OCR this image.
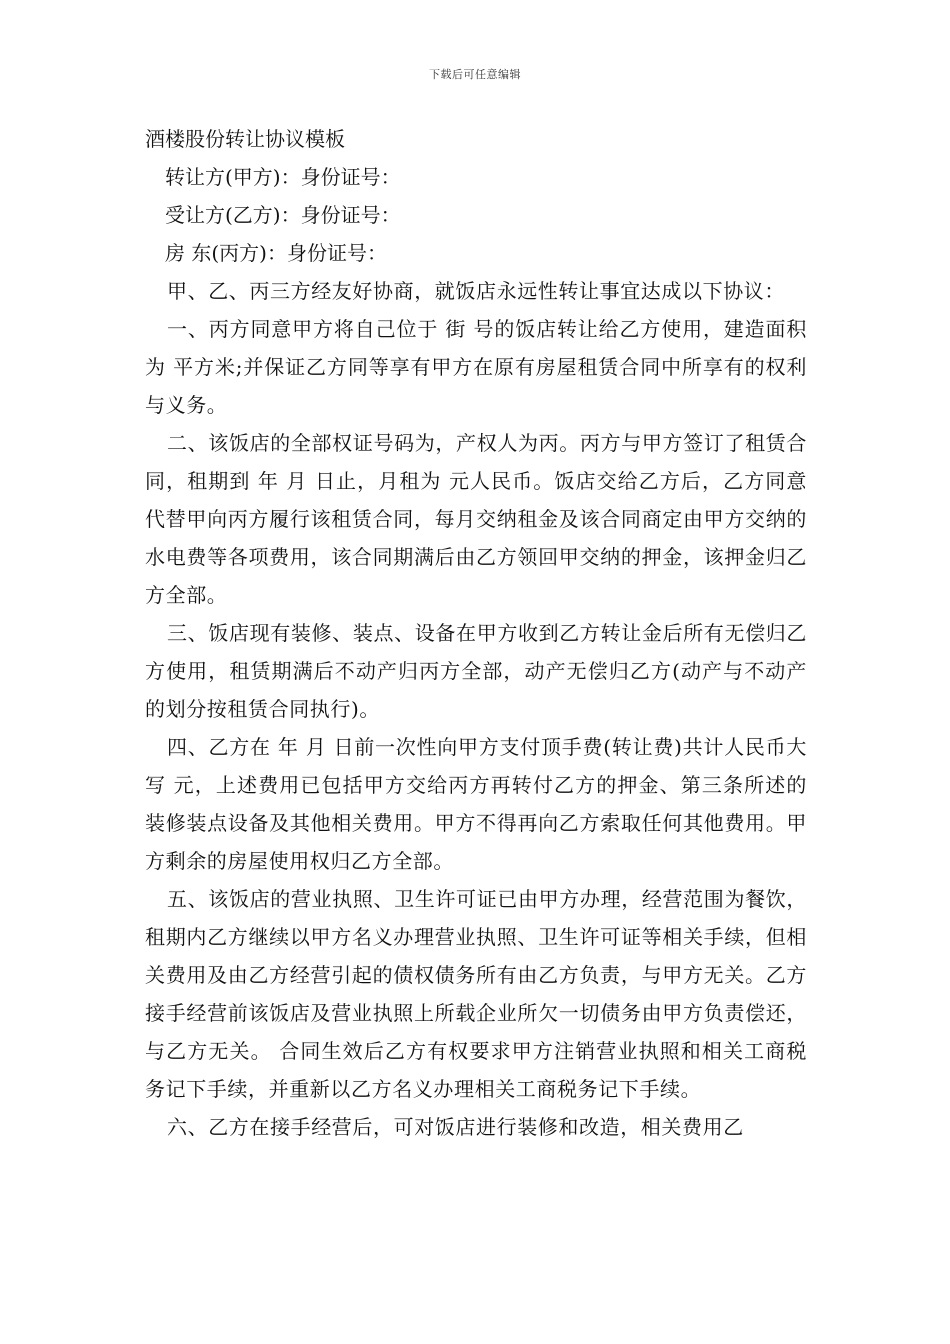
下载后可任意编辑
酒楼股份转让协议模板

转让方(甲方)：身份证号：

受让方(乙方)：身份证号：

房 东(丙方)：身份证号：

甲、乙、丙三方经友好协商，就饭店永远性转让事宜达成以下协议：

一、丙方同意甲方将自己位于 街 号的饭店转让给乙方使用，建造面积为 平方米;并保证乙方同等享有甲方在原有房屋租赁合同中所享有的权利与义务。

二、该饭店的全部权证号码为，产权人为丙。丙方与甲方签订了租赁合同，租期到 年 月 日止，月租为 元人民币。饭店交给乙方后，乙方同意代替甲向丙方履行该租赁合同，每月交纳租金及该合同商定由甲方交纳的水电费等各项费用，该合同期满后由乙方领回甲交纳的押金，该押金归乙方全部。

三、饭店现有装修、装点、设备在甲方收到乙方转让金后所有无偿归乙方使用，租赁期满后不动产归丙方全部，动产无偿归乙方(动产与不动产的划分按租赁合同执行)。

四、乙方在 年 月 日前一次性向甲方支付顶手费(转让费)共计人民币大写 元，上述费用已包括甲方交给丙方再转付乙方的押金、第三条所述的装修装点设备及其他相关费用。甲方不得再向乙方索取任何其他费用。甲方剩余的房屋使用权归乙方全部。

五、该饭店的营业执照、卫生许可证已由甲方办理，经营范围为餐饮，租期内乙方继续以甲方名义办理营业执照、卫生许可证等相关手续，但相关费用及由乙方经营引起的债权债务所有由乙方负责，与甲方无关。乙方接手经营前该饭店及营业执照上所载企业所欠一切债务由甲方负责偿还，与乙方无关。 合同生效后乙方有权要求甲方注销营业执照和相关工商税务记下手续，并重新以乙方名义办理相关工商税务记下手续。

六、乙方在接手经营后，可对饭店进行装修和改造，相关费用乙
